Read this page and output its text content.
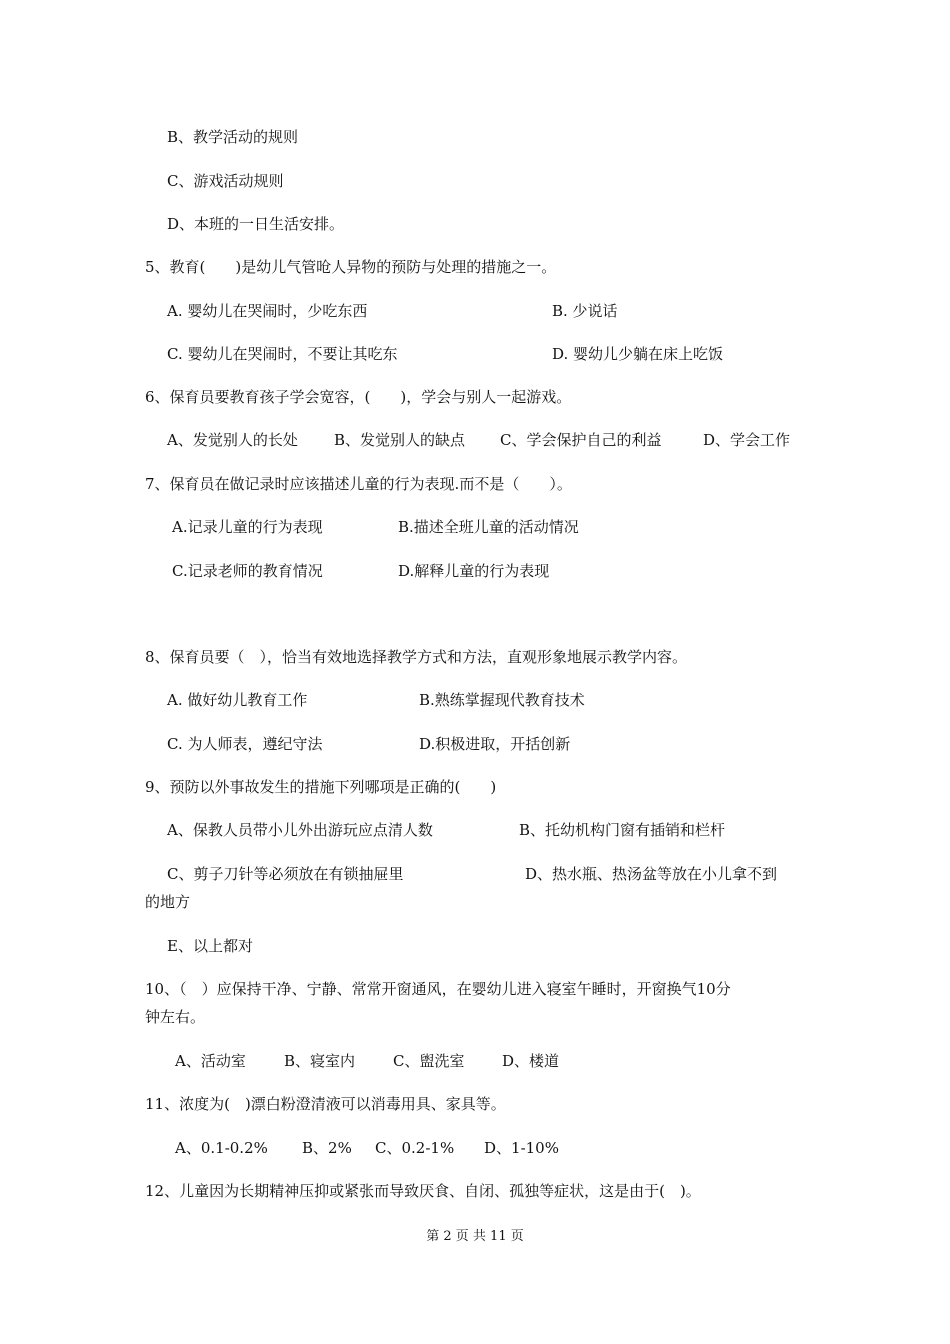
B、教学活动的规则
C、游戏活动规则
D、本班的一日生活安排。
5、教育(　　)是幼儿气管呛人异物的预防与处理的措施之一。
A. 婴幼儿在哭闹时，少吃东西	B. 少说话
C. 婴幼儿在哭闹时，不要让其吃东	D. 婴幼儿少躺在床上吃饭
6、保育员要教育孩子学会宽容，(　　)，学会与别人一起游戏。
A、发觉别人的长处 B、发觉别人的缺点 C、学会保护自己的利益	D、学会工作
7、保育员在做记录时应该描述儿童的行为表现.而不是（　　）。
A.记录儿童的行为表现	B.描述全班儿童的活动情况
C.记录老师的教育情况	D.解释儿童的行为表现
8、保育员要（　），恰当有效地选择教学方式和方法，直观形象地展示教学内容。
A. 做好幼儿教育工作	B.熟练掌握现代教育技术
C. 为人师表，遵纪守法	D.积极进取，开括创新
9、预防以外事故发生的措施下列哪项是正确的(　　)
A、保教人员带小儿外出游玩应点清人数	B、托幼机构门窗有插销和栏杆
C、剪子刀针等必须放在有锁抽屉里	D、热水瓶、热汤盆等放在小儿拿不到
的地方
E、以上都对
10、（　）应保持干净、宁静、常常开窗通风，在婴幼儿进入寝室午睡时，开窗换气10分
钟左右。
A、活动室	B、寝室内	C、盥洗室	D、楼道
11、浓度为(　)漂白粉澄清液可以消毒用具、家具等。
A、0.1-0.2% B、2% C、0.2-1% D、1-10%
12、儿童因为长期精神压抑或紧张而导致厌食、自闭、孤独等症状，这是由于(　)。
第 2 页 共 11 页
